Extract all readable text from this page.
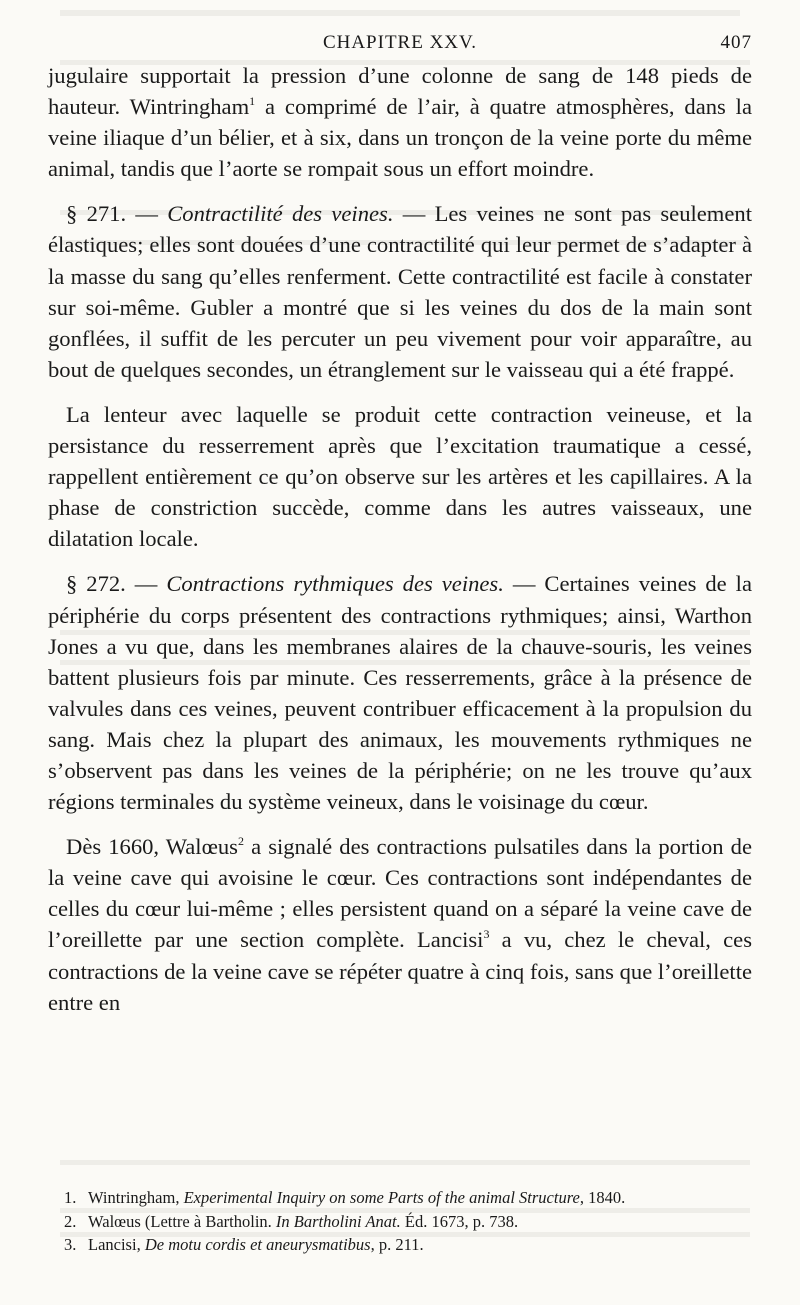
CHAPITRE XXV.	407

jugulaire supportait la pression d’une colonne de sang de 148 pieds de hauteur. Wintringham$^1$ a comprimé de l’air, à quatre atmosphères, dans la veine iliaque d’un bélier, et à six, dans un tronçon de la veine porte du même animal, tandis que l’aorte se rompait sous un effort moindre.

§ 271. — Contractilité des veines. — Les veines ne sont pas seulement élastiques; elles sont douées d’une contractilité qui leur permet de s’adapter à la masse du sang qu’elles renferment. Cette contractilité est facile à constater sur soi-même. Gubler a montré que si les veines du dos de la main sont gonflées, il suffit de les percuter un peu vivement pour voir apparaître, au bout de quelques secondes, un étranglement sur le vaisseau qui a été frappé.

La lenteur avec laquelle se produit cette contraction veineuse, et la persistance du resserrement après que l’excitation traumatique a cessé, rappellent entièrement ce qu’on observe sur les artères et les capillaires. A la phase de constriction succède, comme dans les autres vaisseaux, une dilatation locale.

§ 272. — Contractions rythmiques des veines. — Certaines veines de la périphérie du corps présentent des contractions rythmiques; ainsi, Warthon Jones a vu que, dans les membranes alaires de la chauve-souris, les veines battent plusieurs fois par minute. Ces resserrements, grâce à la présence de valvules dans ces veines, peuvent contribuer efficacement à la propulsion du sang. Mais chez la plupart des animaux, les mouvements rythmiques ne s’observent pas dans les veines de la périphérie; on ne les trouve qu’aux régions terminales du système veineux, dans le voisinage du cœur.

Dès 1660, Walœus$^2$ a signalé des contractions pulsatiles dans la portion de la veine cave qui avoisine le cœur. Ces contractions sont indépendantes de celles du cœur lui-même ; elles persistent quand on a séparé la veine cave de l’oreillette par une section complète. Lancisi$^3$ a vu, chez le cheval, ces contractions de la veine cave se répéter quatre à cinq fois, sans que l’oreillette entre en

1. Wintringham, Experimental Inquiry on some Parts of the animal Structure, 1840.

2. Walœus (Lettre à Bartholin. In Bartholini Anat. Éd. 1673, p. 738.

3. Lancisi, De motu cordis et aneurysmatibus, p. 211.
